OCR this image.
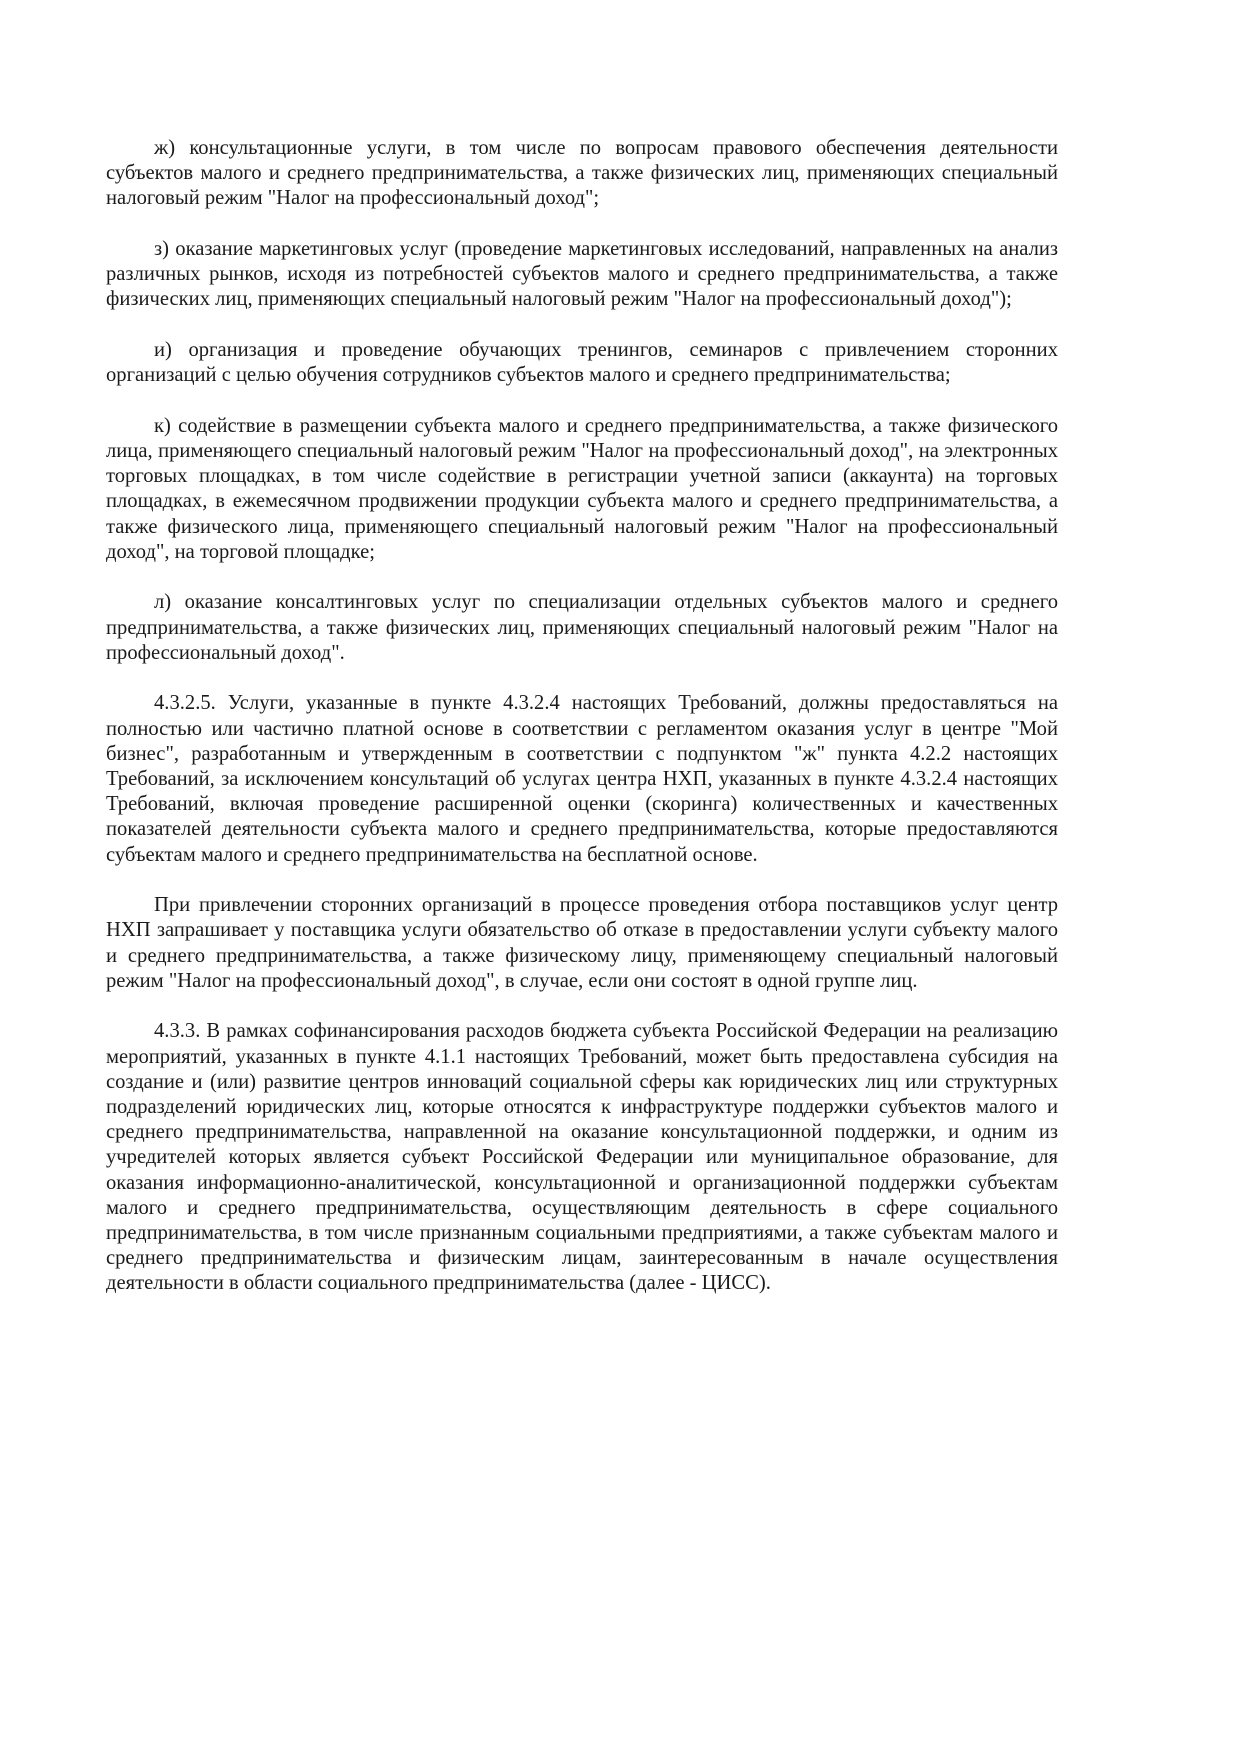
ж) консультационные услуги, в том числе по вопросам правового обеспечения деятельности субъектов малого и среднего предпринимательства, а также физических лиц, применяющих специальный налоговый режим "Налог на профессиональный доход";

з) оказание маркетинговых услуг (проведение маркетинговых исследований, направленных на анализ различных рынков, исходя из потребностей субъектов малого и среднего предпринимательства, а также физических лиц, применяющих специальный налоговый режим "Налог на профессиональный доход");

и) организация и проведение обучающих тренингов, семинаров с привлечением сторонних организаций с целью обучения сотрудников субъектов малого и среднего предпринимательства;

к) содействие в размещении субъекта малого и среднего предпринимательства, а также физического лица, применяющего специальный налоговый режим "Налог на профессиональный доход", на электронных торговых площадках, в том числе содействие в регистрации учетной записи (аккаунта) на торговых площадках, в ежемесячном продвижении продукции субъекта малого и среднего предпринимательства, а также физического лица, применяющего специальный налоговый режим "Налог на профессиональный доход", на торговой площадке;

л) оказание консалтинговых услуг по специализации отдельных субъектов малого и среднего предпринимательства, а также физических лиц, применяющих специальный налоговый режим "Налог на профессиональный доход".

4.3.2.5. Услуги, указанные в пункте 4.3.2.4 настоящих Требований, должны предоставляться на полностью или частично платной основе в соответствии с регламентом оказания услуг в центре "Мой бизнес", разработанным и утвержденным в соответствии с подпунктом "ж" пункта 4.2.2 настоящих Требований, за исключением консультаций об услугах центра НХП, указанных в пункте 4.3.2.4 настоящих Требований, включая проведение расширенной оценки (скоринга) количественных и качественных показателей деятельности субъекта малого и среднего предпринимательства, которые предоставляются субъектам малого и среднего предпринимательства на бесплатной основе.

При привлечении сторонних организаций в процессе проведения отбора поставщиков услуг центр НХП запрашивает у поставщика услуги обязательство об отказе в предоставлении услуги субъекту малого и среднего предпринимательства, а также физическому лицу, применяющему специальный налоговый режим "Налог на профессиональный доход", в случае, если они состоят в одной группе лиц.

4.3.3. В рамках софинансирования расходов бюджета субъекта Российской Федерации на реализацию мероприятий, указанных в пункте 4.1.1 настоящих Требований, может быть предоставлена субсидия на создание и (или) развитие центров инноваций социальной сферы как юридических лиц или структурных подразделений юридических лиц, которые относятся к инфраструктуре поддержки субъектов малого и среднего предпринимательства, направленной на оказание консультационной поддержки, и одним из учредителей которых является субъект Российской Федерации или муниципальное образование, для оказания информационно-аналитической, консультационной и организационной поддержки субъектам малого и среднего предпринимательства, осуществляющим деятельность в сфере социального предпринимательства, в том числе признанным социальными предприятиями, а также субъектам малого и среднего предпринимательства и физическим лицам, заинтересованным в начале осуществления деятельности в области социального предпринимательства (далее - ЦИСС).
